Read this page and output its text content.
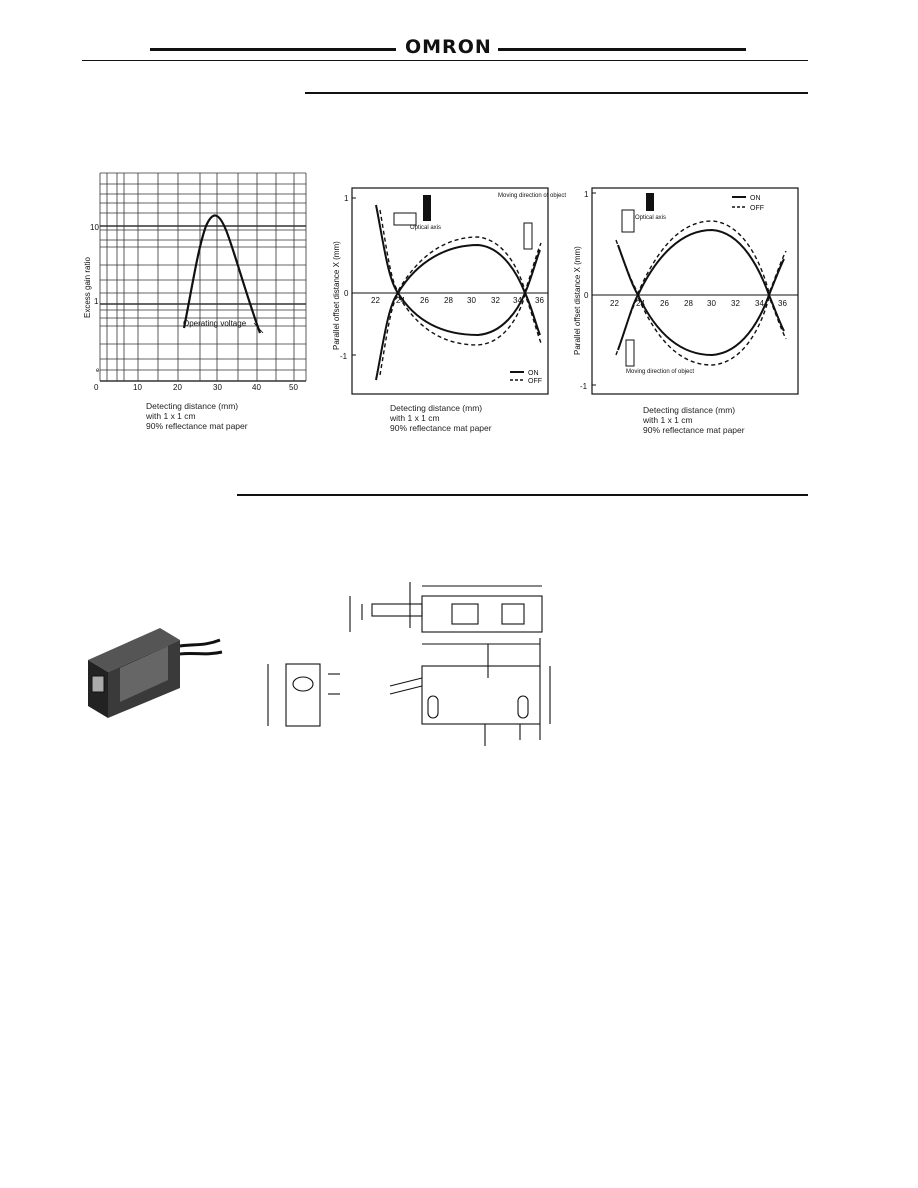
OMRON
10
1
e
0	10	20	30	40	50
Operating voltage
Excess gain ratio
Detecting distance (mm)
with 1 x 1 cm
90% reflectance mat paper
1
0
-1
22 24 26 28 30 32 34 36
Optical axis
Moving direction of object
ON
OFF
Parallel offset distance X (mm)
Detecting distance (mm)
with 1 x 1 cm
90% reflectance mat paper
1
0
-1
22 24 26 28 30 32 34 36
Optical axis
Moving direction of object
ON
OFF
Parallel offset distance X (mm)
Detecting distance (mm)
with 1 x 1 cm
90% reflectance mat paper
